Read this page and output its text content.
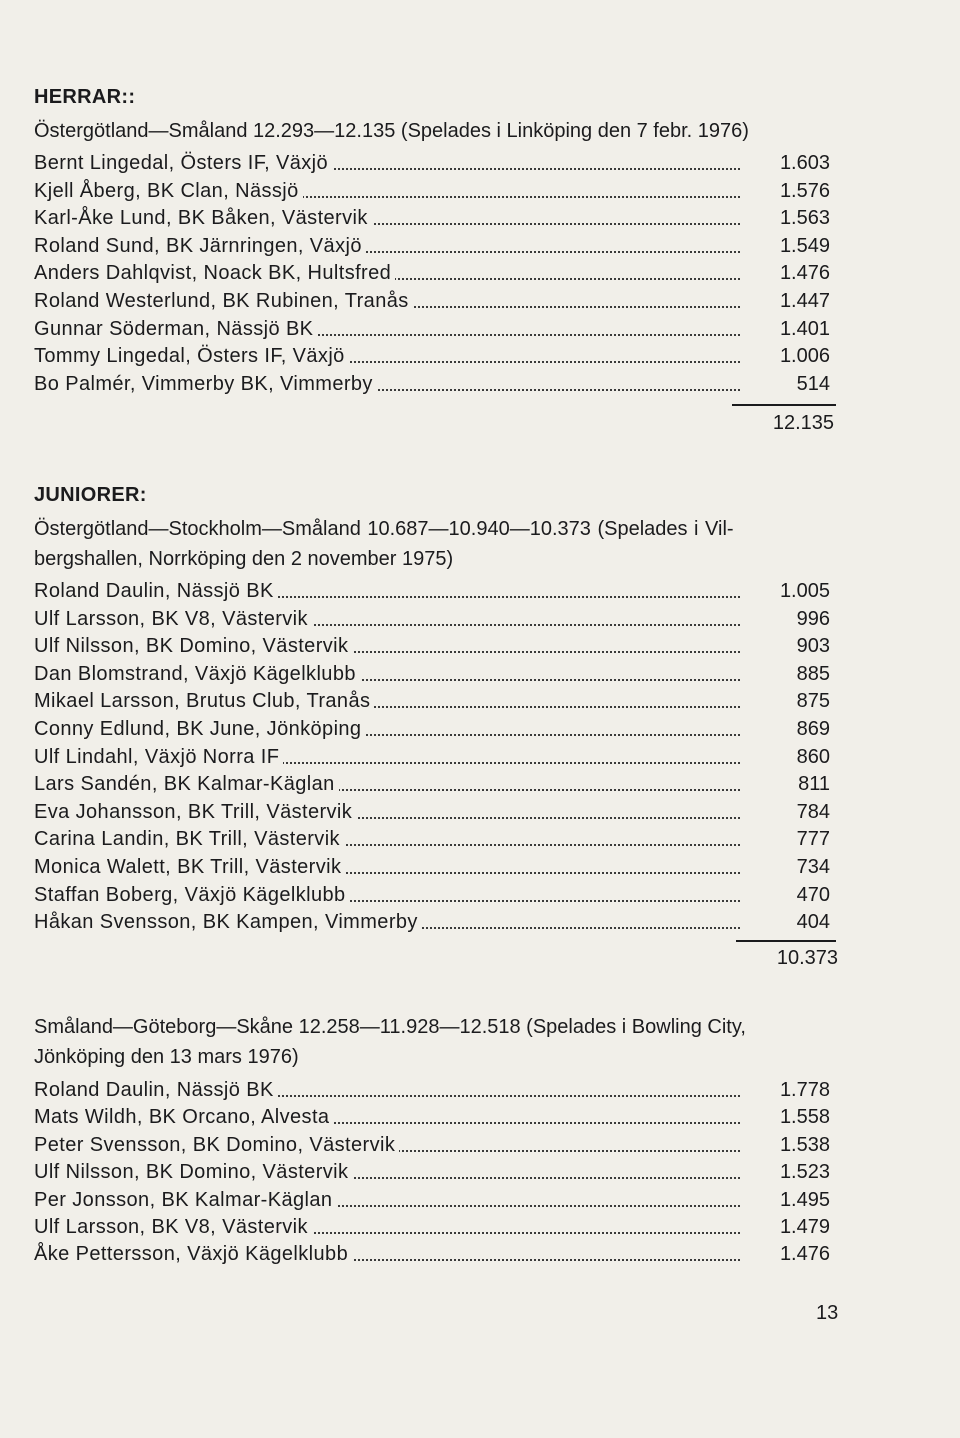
HERRAR::
Östergötland—Småland 12.293—12.135 (Spelades i Linköping den 7 febr. 1976)
Bernt Lingedal, Östers IF, Växjö	1.603
Kjell Åberg, BK Clan, Nässjö	1.576
Karl-Åke Lund, BK Båken, Västervik	1.563
Roland Sund, BK Järnringen, Växjö	1.549
Anders Dahlqvist, Noack BK, Hultsfred	1.476
Roland Westerlund, BK Rubinen, Tranås	1.447
Gunnar Söderman, Nässjö BK	1.401
Tommy Lingedal, Östers IF, Växjö	1.006
Bo Palmér, Vimmerby BK, Vimmerby	514
12.135
JUNIORER:
Östergötland—Stockholm—Småland 10.687—10.940—10.373 (Spelades i Vil-
bergshallen, Norrköping den 2 november 1975)
Roland Daulin, Nässjö BK	1.005
Ulf Larsson, BK V8, Västervik	996
Ulf Nilsson, BK Domino, Västervik	903
Dan Blomstrand, Växjö Kägelklubb	885
Mikael Larsson, Brutus Club, Tranås	875
Conny Edlund, BK June, Jönköping	869
Ulf Lindahl, Växjö Norra IF	860
Lars Sandén, BK Kalmar-Käglan	811
Eva Johansson, BK Trill, Västervik	784
Carina Landin, BK Trill, Västervik	777
Monica Walett, BK Trill, Västervik	734
Staffan Boberg, Växjö Kägelklubb	470
Håkan Svensson, BK Kampen, Vimmerby	404
10.373
Småland—Göteborg—Skåne 12.258—11.928—12.518 (Spelades i Bowling City,
Jönköping den 13 mars 1976)
Roland Daulin, Nässjö BK	1.778
Mats Wildh, BK Orcano, Alvesta	1.558
Peter Svensson, BK Domino, Västervik	1.538
Ulf Nilsson, BK Domino, Västervik	1.523
Per Jonsson, BK Kalmar-Käglan	1.495
Ulf Larsson, BK V8, Västervik	1.479
Åke Pettersson, Växjö Kägelklubb	1.476
13
